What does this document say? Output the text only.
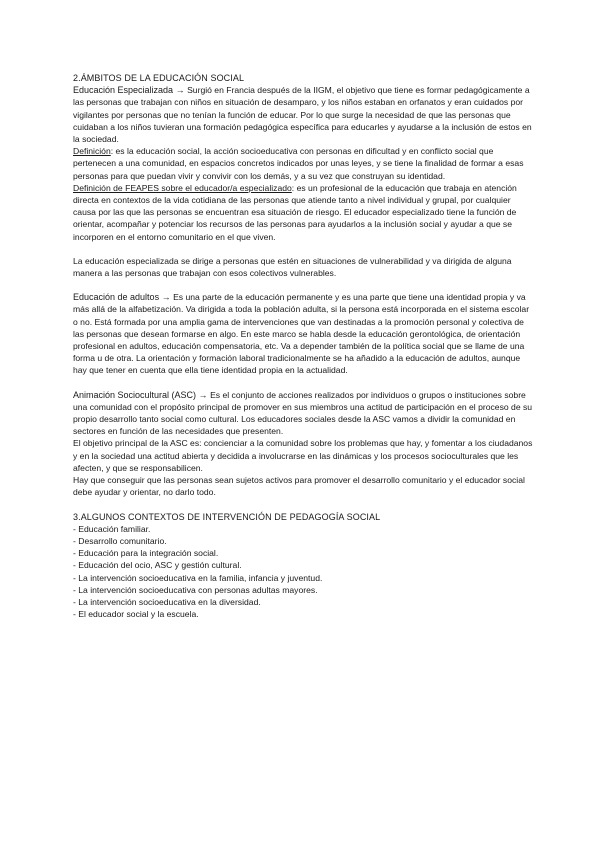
2.ÁMBITOS DE LA EDUCACIÓN SOCIAL

Educación Especializada → Surgió en Francia después de la IIGM, el objetivo que tiene es formar pedagógicamente a las personas que trabajan con niños en situación de desamparo, y los niños estaban en orfanatos y eran cuidados por vigilantes por personas que no tenían la función de educar. Por lo que surge la necesidad de que las personas que cuidaban a los niños tuvieran una formación pedagógica específica para educarles y ayudarse a la inclusión de estos en la sociedad.

Definición: es la educación social, la acción socioeducativa con personas en dificultad y en conflicto social que pertenecen a una comunidad, en espacios concretos indicados por unas leyes, y se tiene la finalidad de formar a esas personas para que puedan vivir y convivir con los demás, y a su vez que construyan su identidad.

Definición de FEAPES sobre el educador/a especializado: es un profesional de la educación que trabaja en atención directa en contextos de la vida cotidiana de las personas que atiende tanto a nivel individual y grupal, por cualquier causa por las que las personas se encuentran esa situación de riesgo. El educador especializado tiene la función de orientar, acompañar y potenciar los recursos de las personas para ayudarlos a la inclusión social y ayudar a que se incorporen en el entorno comunitario en el que viven.

La educación especializada se dirige a personas que estén en situaciones de vulnerabilidad y va dirigida de alguna manera a las personas que trabajan con esos colectivos vulnerables.

Educación de adultos → Es una parte de la educación permanente y es una parte que tiene una identidad propia y va más allá de la alfabetización. Va dirigida a toda la población adulta, si la persona está incorporada en el sistema escolar o no. Está formada por una amplia gama de intervenciones que van destinadas a la promoción personal y colectiva de las personas que desean formarse en algo. En este marco se habla desde la educación gerontológica, de orientación profesional en adultos, educación compensatoria, etc. Va a depender también de la política social que se llame de una forma u de otra. La orientación y formación laboral tradicionalmente se ha añadido a la educación de adultos, aunque hay que tener en cuenta que ella tiene identidad propia en la actualidad.

Animación Sociocultural (ASC) → Es el conjunto de acciones realizados por individuos o grupos o instituciones sobre una comunidad con el propósito principal de promover en sus miembros una actitud de participación en el proceso de su propio desarrollo tanto social como cultural. Los educadores sociales desde la ASC vamos a dividir la comunidad en sectores en función de las necesidades que presenten.

El objetivo principal de la ASC es: concienciar a la comunidad sobre los problemas que hay, y fomentar a los ciudadanos y en la sociedad una actitud abierta y decidida a involucrarse en las dinámicas y los procesos socioculturales que les afecten, y que se responsabilicen.

Hay que conseguir que las personas sean sujetos activos para promover el desarrollo comunitario y el educador social debe ayudar y orientar, no darlo todo.

3.ALGUNOS CONTEXTOS DE INTERVENCIÓN DE PEDAGOGÍA SOCIAL

- Educación familiar.
- Desarrollo comunitario.
- Educación para la integración social.
- Educación del ocio, ASC y gestión cultural.
- La intervención socioeducativa en la familia, infancia y juventud.
- La intervención socioeducativa con personas adultas mayores.
- La intervención socioeducativa en la diversidad.
- El educador social y la escuela.
